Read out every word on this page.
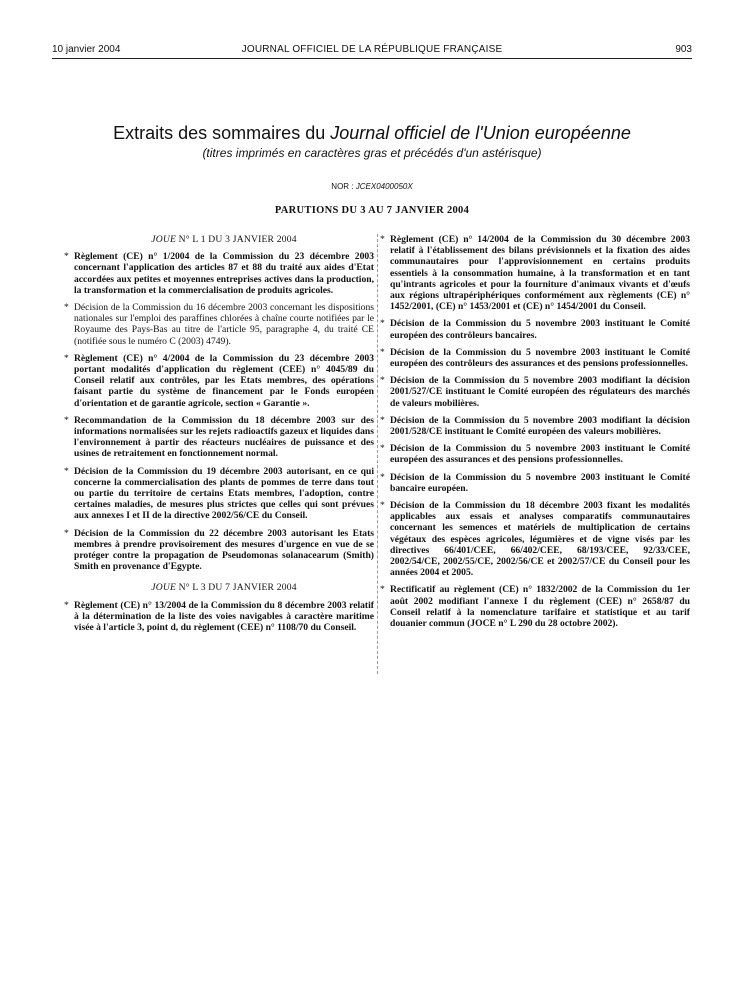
10 janvier 2004	JOURNAL OFFICIEL DE LA RÉPUBLIQUE FRANÇAISE	903
Extraits des sommaires du Journal officiel de l'Union européenne
(titres imprimés en caractères gras et précédés d'un astérisque)
NOR : JCEX0400050X
PARUTIONS DU 3 AU 7 JANVIER 2004
JOUE N° L 1 DU 3 JANVIER 2004
* Règlement (CE) n° 1/2004 de la Commission du 23 décembre 2003 concernant l'application des articles 87 et 88 du traité aux aides d'Etat accordées aux petites et moyennes entreprises actives dans la production, la transformation et la commercialisation de produits agricoles.
* Décision de la Commission du 16 décembre 2003 concernant les dispositions nationales sur l'emploi des paraffines chlorées à chaîne courte notifiées par le Royaume des Pays-Bas au titre de l'article 95, paragraphe 4, du traité CE (notifiée sous le numéro C (2003) 4749).
* Règlement (CE) n° 4/2004 de la Commission du 23 décembre 2003 portant modalités d'application du règlement (CEE) n° 4045/89 du Conseil relatif aux contrôles, par les Etats membres, des opérations faisant partie du système de financement par le Fonds européen d'orientation et de garantie agricole, section « Garantie ».
* Recommandation de la Commission du 18 décembre 2003 sur des informations normalisées sur les rejets radioactifs gazeux et liquides dans l'environnement à partir des réacteurs nucléaires de puissance et des usines de retraitement en fonctionnement normal.
* Décision de la Commission du 19 décembre 2003 autorisant, en ce qui concerne la commercialisation des plants de pommes de terre dans tout ou partie du territoire de certains Etats membres, l'adoption, contre certaines maladies, de mesures plus strictes que celles qui sont prévues aux annexes I et II de la directive 2002/56/CE du Conseil.
* Décision de la Commission du 22 décembre 2003 autorisant les Etats membres à prendre provisoirement des mesures d'urgence en vue de se protéger contre la propagation de Pseudomonas solanacearum (Smith) Smith en provenance d'Egypte.
JOUE N° L 3 DU 7 JANVIER 2004
* Règlement (CE) n° 13/2004 de la Commission du 8 décembre 2003 relatif à la détermination de la liste des voies navigables à caractère maritime visée à l'article 3, point d, du règlement (CEE) n° 1108/70 du Conseil.
* Règlement (CE) n° 14/2004 de la Commission du 30 décembre 2003 relatif à l'établissement des bilans prévisionnels et la fixation des aides communautaires pour l'approvisionnement en certains produits essentiels à la consommation humaine, à la transformation et en tant qu'intrants agricoles et pour la fourniture d'animaux vivants et d'œufs aux régions ultrapériphériques conformément aux règlements (CE) n° 1452/2001, (CE) n° 1453/2001 et (CE) n° 1454/2001 du Conseil.
* Décision de la Commission du 5 novembre 2003 instituant le Comité européen des contrôleurs bancaires.
* Décision de la Commission du 5 novembre 2003 instituant le Comité européen des contrôleurs des assurances et des pensions professionnelles.
* Décision de la Commission du 5 novembre 2003 modifiant la décision 2001/527/CE instituant le Comité européen des régulateurs des marchés de valeurs mobilières.
* Décision de la Commission du 5 novembre 2003 modifiant la décision 2001/528/CE instituant le Comité européen des valeurs mobilières.
* Décision de la Commission du 5 novembre 2003 instituant le Comité européen des assurances et des pensions professionnelles.
* Décision de la Commission du 5 novembre 2003 instituant le Comité bancaire européen.
* Décision de la Commission du 18 décembre 2003 fixant les modalités applicables aux essais et analyses comparatifs communautaires concernant les semences et matériels de multiplication de certains végétaux des espèces agricoles, légumières et de vigne visés par les directives 66/401/CEE, 66/402/CEE, 68/193/CEE, 92/33/CEE, 2002/54/CE, 2002/55/CE, 2002/56/CE et 2002/57/CE du Conseil pour les années 2004 et 2005.
* Rectificatif au règlement (CE) n° 1832/2002 de la Commission du 1er août 2002 modifiant l'annexe I du règlement (CEE) n° 2658/87 du Conseil relatif à la nomenclature tarifaire et statistique et au tarif douanier commun (JOCE n° L 290 du 28 octobre 2002).
